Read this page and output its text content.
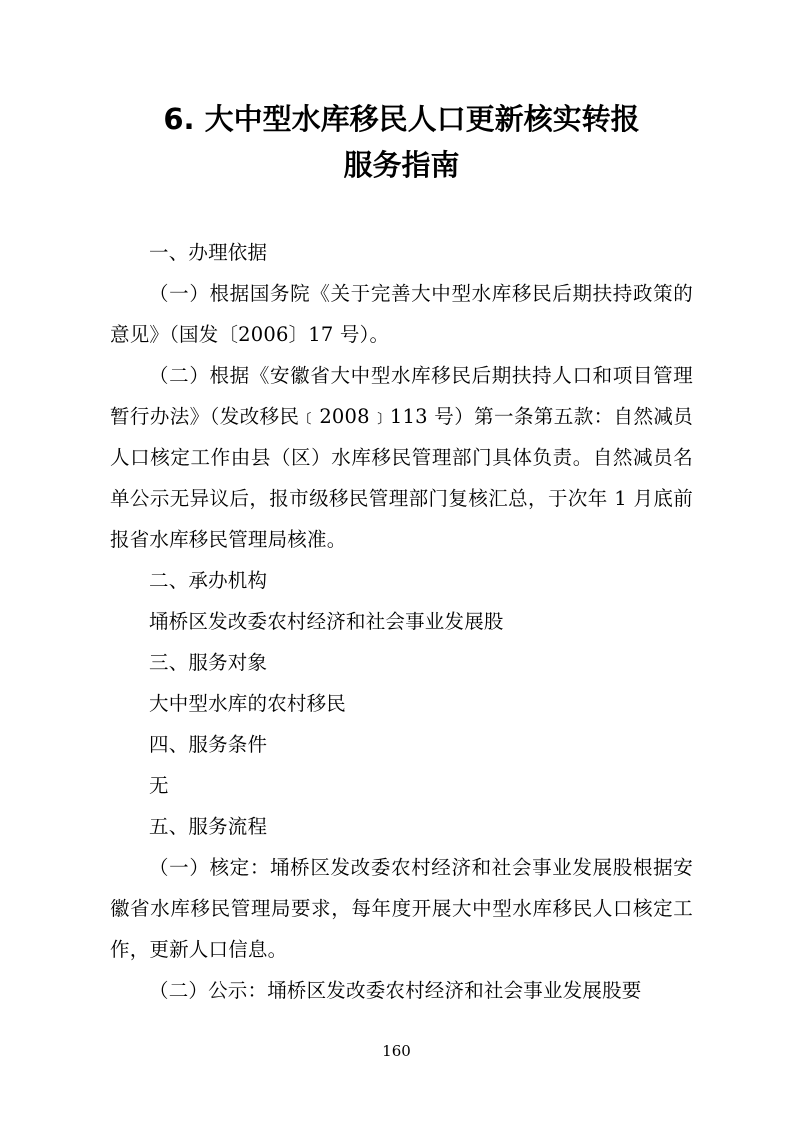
6. 大中型水库移民人口更新核实转报
服务指南

一、办理依据

（一）根据国务院《关于完善大中型水库移民后期扶持政策的意见》（国发〔2006〕17 号）。

（二）根据《安徽省大中型水库移民后期扶持人口和项目管理暂行办法》（发改移民﹝2008﹞113 号）第一条第五款：自然减员人口核定工作由县（区）水库移民管理部门具体负责。自然减员名单公示无异议后，报市级移民管理部门复核汇总，于次年 1 月底前报省水库移民管理局核准。

二、承办机构

埇桥区发改委农村经济和社会事业发展股

三、服务对象

大中型水库的农村移民

四、服务条件

无

五、服务流程

（一）核定：埇桥区发改委农村经济和社会事业发展股根据安徽省水库移民管理局要求，每年度开展大中型水库移民人口核定工作，更新人口信息。

（二）公示：埇桥区发改委农村经济和社会事业发展股要

160
